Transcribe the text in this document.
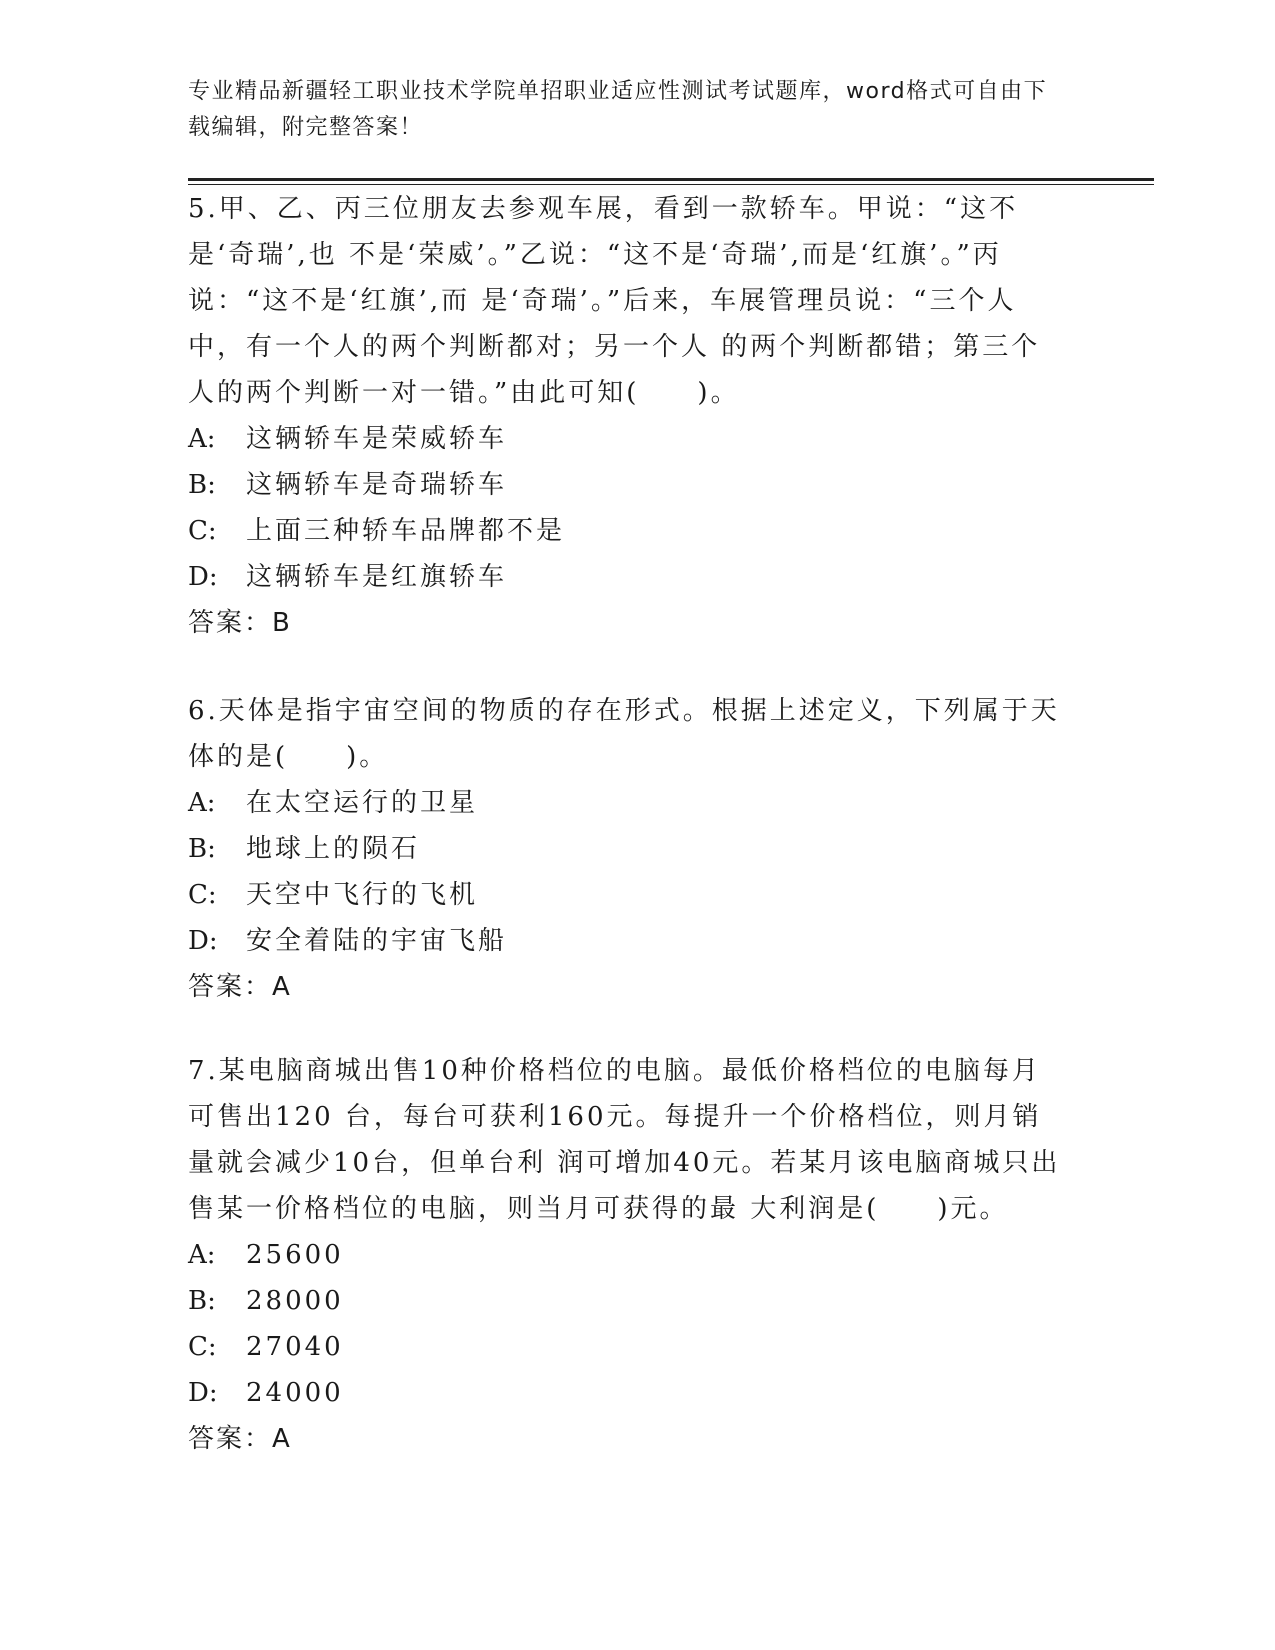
专业精品新疆轻工职业技术学院单招职业适应性测试考试题库，word格式可自由下载编辑，附完整答案！

5.甲、乙、丙三位朋友去参观车展，看到一款轿车。甲说：“这不是‘奇瑞’,也 不是‘荣威’。”乙说：“这不是‘奇瑞’,而是‘红旗’。”丙说：“这不是‘红旗’,而 是‘奇瑞’。”后来，车展管理员说：“三个人中，有一个人的两个判断都对；另一个人 的两个判断都错；第三个人的两个判断一对一错。”由此可知(　　)。

A:	这辆轿车是荣威轿车
B:	这辆轿车是奇瑞轿车
C:	上面三种轿车品牌都不是
D:	这辆轿车是红旗轿车

答案：B

6.天体是指宇宙空间的物质的存在形式。根据上述定义，下列属于天体的是(　　)。

A:	在太空运行的卫星
B:	地球上的陨石
C:	天空中飞行的飞机
D:	安全着陆的宇宙飞船

答案：A

7.某电脑商城出售10种价格档位的电脑。最低价格档位的电脑每月可售出120 台，每台可获利160元。每提升一个价格档位，则月销量就会减少10台，但单台利 润可增加40元。若某月该电脑商城只出售某一价格档位的电脑，则当月可获得的最 大利润是(　　)元。

A:	25600
B:	28000
C:	27040
D:	24000

答案：A
